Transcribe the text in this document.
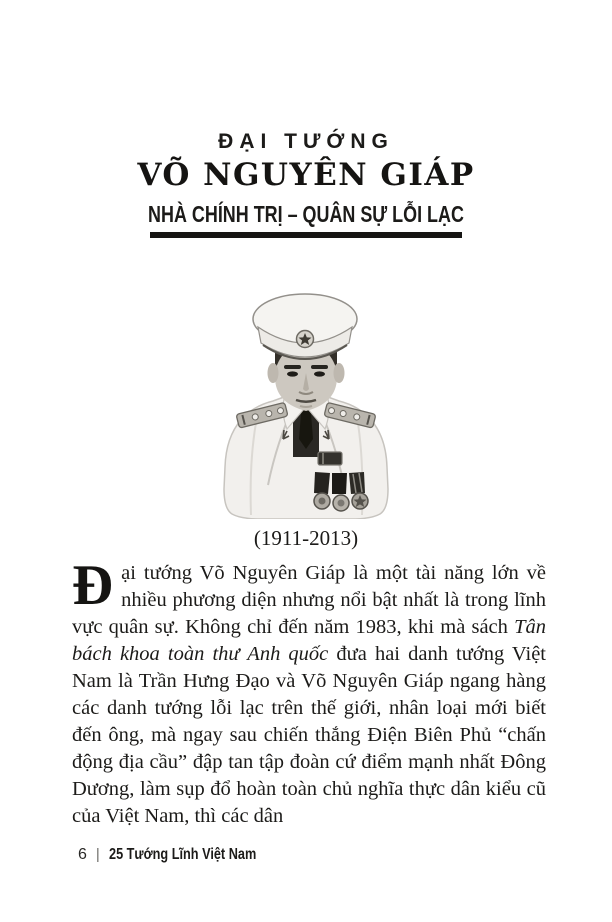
ĐẠI TƯỚNG
VÕ NGUYÊN GIÁP
NHÀ CHÍNH TRỊ – QUÂN SỰ LỖI LẠC
(1911-2013)

Đại tướng Võ Nguyên Giáp là một tài năng lớn về nhiều phương diện nhưng nổi bật nhất là trong lĩnh vực quân sự. Không chỉ đến năm 1983, khi mà sách Tân bách khoa toàn thư Anh quốc đưa hai danh tướng Việt Nam là Trần Hưng Đạo và Võ Nguyên Giáp ngang hàng các danh tướng lỗi lạc trên thế giới, nhân loại mới biết đến ông, mà ngay sau chiến thắng Điện Biên Phủ “chấn động địa cầu” đập tan tập đoàn cứ điểm mạnh nhất Đông Dương, làm sụp đổ hoàn toàn chủ nghĩa thực dân kiểu cũ của Việt Nam, thì các dân

6 | 25 Tướng Lĩnh Việt Nam
